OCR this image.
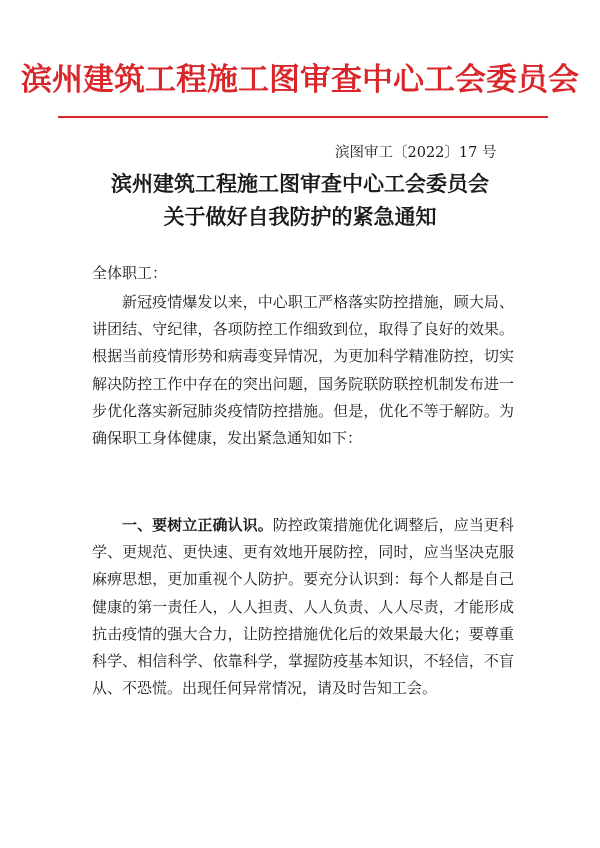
滨州建筑工程施工图审查中心工会委员会
滨图审工〔2022〕17 号
滨州建筑工程施工图审查中心工会委员会
关于做好自我防护的紧急通知
全体职工：

新冠疫情爆发以来，中心职工严格落实防控措施，顾大局、讲团结、守纪律，各项防控工作细致到位，取得了良好的效果。根据当前疫情形势和病毒变异情况，为更加科学精准防控，切实解决防控工作中存在的突出问题，国务院联防联控机制发布进一步优化落实新冠肺炎疫情防控措施。但是，优化不等于解防。为确保职工身体健康，发出紧急通知如下：

一、要树立正确认识。防控政策措施优化调整后，应当更科学、更规范、更快速、更有效地开展防控，同时，应当坚决克服麻痹思想，更加重视个人防护。要充分认识到：每个人都是自己健康的第一责任人，人人担责、人人负责、人人尽责，才能形成抗击疫情的强大合力，让防控措施优化后的效果最大化；要尊重科学、相信科学、依靠科学，掌握防疫基本知识，不轻信，不盲从、不恐慌。出现任何异常情况，请及时告知工会。
